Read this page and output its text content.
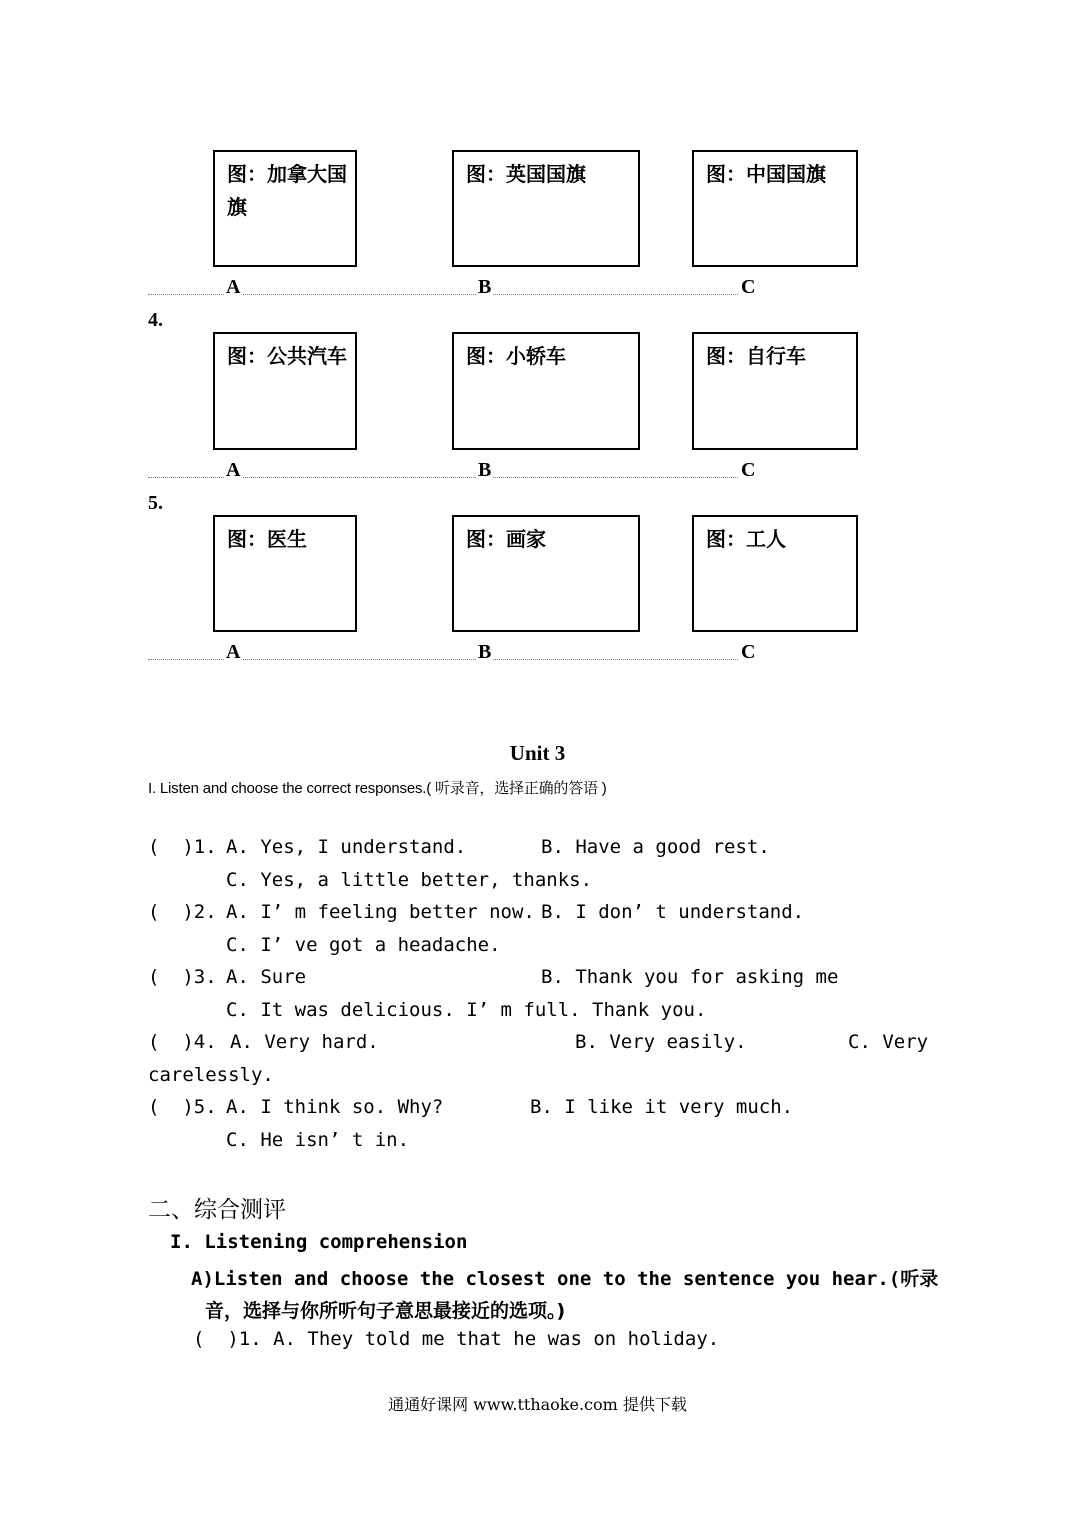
图：加拿大国旗
图：英国国旗	图：中国国旗
A	B	C
4.
图：公共汽车	图：小轿车	图：自行车
A	B	C
5.
图：医生	图：画家	图：工人
A	B	C
Unit 3
I. Listen and choose the correct responses.( 听录音，选择正确的答语 )
(  )1. A. Yes, I understand.	B. Have a good rest.
C. Yes, a little better, thanks.
(  )2. A. I’ m feeling better now. B. I don’ t understand.
C. I’ ve got a headache.
(  )3. A. Sure	B. Thank you for asking me
C. It was delicious. I’ m full. Thank you.
(  )4. A. Very hard.	B. Very easily.	C. Very
carelessly.
(  )5. A. I think so. Why?	B. I like it very much.
C. He isn’ t in.
二、综合测评
I. Listening comprehension
A)Listen and choose the closest one to the sentence you hear.(听录
音，选择与你所听句子意思最接近的选项。)
(  )1. A. They told me that he was on holiday.
通通好课网 www.tthaoke.com 提供下载
